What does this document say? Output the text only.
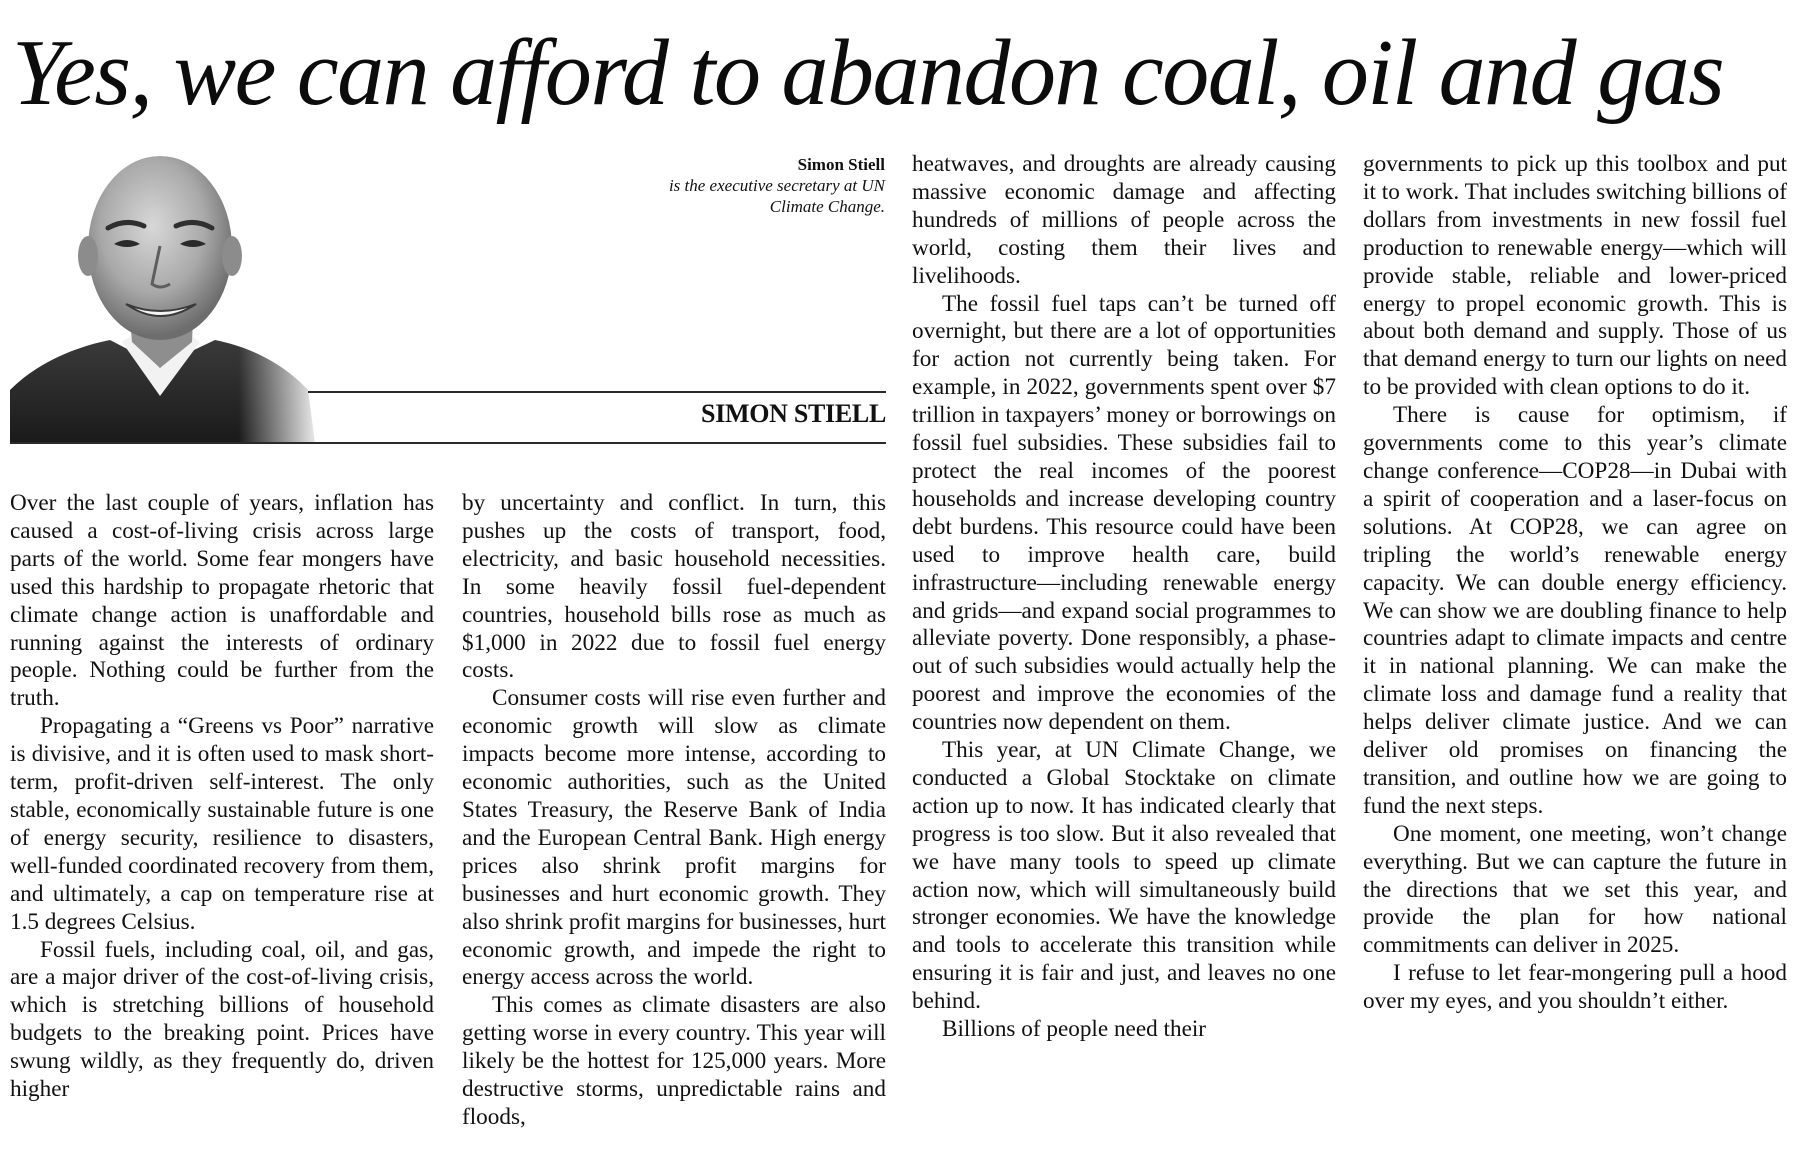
Yes, we can afford to abandon coal, oil and gas
Simon Stiell
is the executive secretary at UN
Climate Change.
SIMON STIELL

Over the last couple of years, inflation has caused a cost-of-living crisis across large parts of the world. Some fear mongers have used this hardship to propagate rhetoric that climate change action is unaffordable and running against the interests of ordinary people. Nothing could be further from the truth.

Propagating a “Greens vs Poor” narrative is divisive, and it is often used to mask short-term, profit-driven self-interest. The only stable, economically sustainable future is one of energy security, resilience to disasters, well-funded coordinated recovery from them, and ultimately, a cap on temperature rise at 1.5 degrees Celsius.

Fossil fuels, including coal, oil, and gas, are a major driver of the cost-of-living crisis, which is stretching billions of household budgets to the breaking point. Prices have swung wildly, as they frequently do, driven higher

by uncertainty and conflict. In turn, this pushes up the costs of transport, food, electricity, and basic household necessities. In some heavily fossil fuel-dependent countries, household bills rose as much as $1,000 in 2022 due to fossil fuel energy costs.

Consumer costs will rise even further and economic growth will slow as climate impacts become more intense, according to economic authorities, such as the United States Treasury, the Reserve Bank of India and the European Central Bank. High energy prices also shrink profit margins for businesses and hurt economic growth. They also shrink profit margins for businesses, hurt economic growth, and impede the right to energy access across the world.

This comes as climate disasters are also getting worse in every country. This year will likely be the hottest for 125,000 years. More destructive storms, unpredictable rains and floods,

heatwaves, and droughts are already causing massive economic damage and affecting hundreds of millions of people across the world, costing them their lives and livelihoods.

The fossil fuel taps can’t be turned off overnight, but there are a lot of opportunities for action not currently being taken. For example, in 2022, governments spent over $7 trillion in taxpayers’ money or borrowings on fossil fuel subsidies. These subsidies fail to protect the real incomes of the poorest households and increase developing country debt burdens. This resource could have been used to improve health care, build infrastructure—including renewable energy and grids—and expand social programmes to alleviate poverty. Done responsibly, a phase-out of such subsidies would actually help the poorest and improve the economies of the countries now dependent on them.

This year, at UN Climate Change, we conducted a Global Stocktake on climate action up to now. It has indicated clearly that progress is too slow. But it also revealed that we have many tools to speed up climate action now, which will simultaneously build stronger economies. We have the knowledge and tools to accelerate this transition while ensuring it is fair and just, and leaves no one behind.

Billions of people need their

governments to pick up this toolbox and put it to work. That includes switching billions of dollars from investments in new fossil fuel production to renewable energy—which will provide stable, reliable and lower-priced energy to propel economic growth. This is about both demand and supply. Those of us that demand energy to turn our lights on need to be provided with clean options to do it.

There is cause for optimism, if governments come to this year’s climate change conference—COP28—in Dubai with a spirit of cooperation and a laser-focus on solutions. At COP28, we can agree on tripling the world’s renewable energy capacity. We can double energy efficiency. We can show we are doubling finance to help countries adapt to climate impacts and centre it in national planning. We can make the climate loss and damage fund a reality that helps deliver climate justice. And we can deliver old promises on financing the transition, and outline how we are going to fund the next steps.

One moment, one meeting, won’t change everything. But we can capture the future in the directions that we set this year, and provide the plan for how national commitments can deliver in 2025.

I refuse to let fear-mongering pull a hood over my eyes, and you shouldn’t either.
